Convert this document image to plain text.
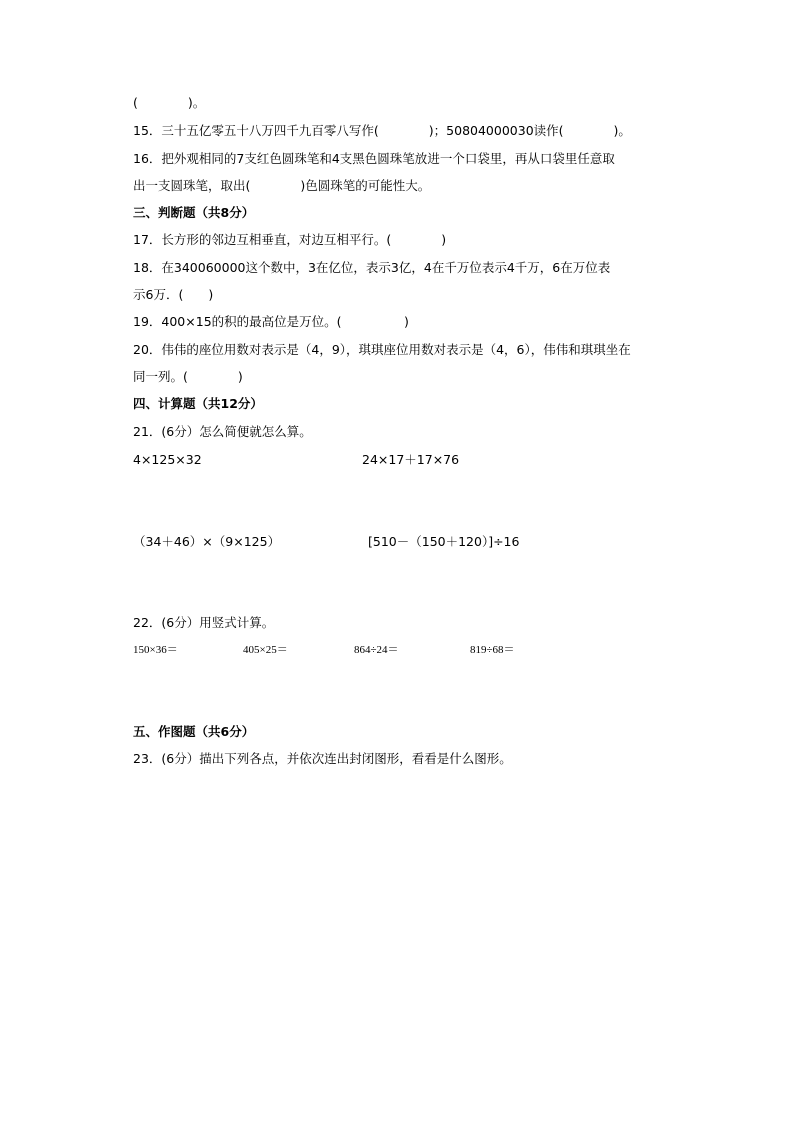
(　　　　)。
15．三十五亿零五十八万四千九百零八写作(　　　　)；50804000030读作(　　　　)。
16．把外观相同的7支红色圆珠笔和4支黑色圆珠笔放进一个口袋里，再从口袋里任意取
出一支圆珠笔，取出(　　　　)色圆珠笔的可能性大。
三、判断题（共8分）
17．长方形的邻边互相垂直，对边互相平行。(　　　　)
18．在340060000这个数中，3在亿位，表示3亿，4在千万位表示4千万，6在万位表
示6万．(　　)
19．400×15的积的最高位是万位。(　　　　　)
20．伟伟的座位用数对表示是（4，9），琪琪座位用数对表示是（4，6），伟伟和琪琪坐在
同一列。(　　　　)
四、计算题（共12分）
21．(6分）怎么简便就怎么算。
4×125×32	24×17＋17×76
（34＋46）×（9×125）	[510－（150＋120）]÷16
22．(6分）用竖式计算。
150×36＝	405×25＝	864÷24＝	819÷68＝
五、作图题（共6分）
23．(6分）描出下列各点，并依次连出封闭图形，看看是什么图形。
